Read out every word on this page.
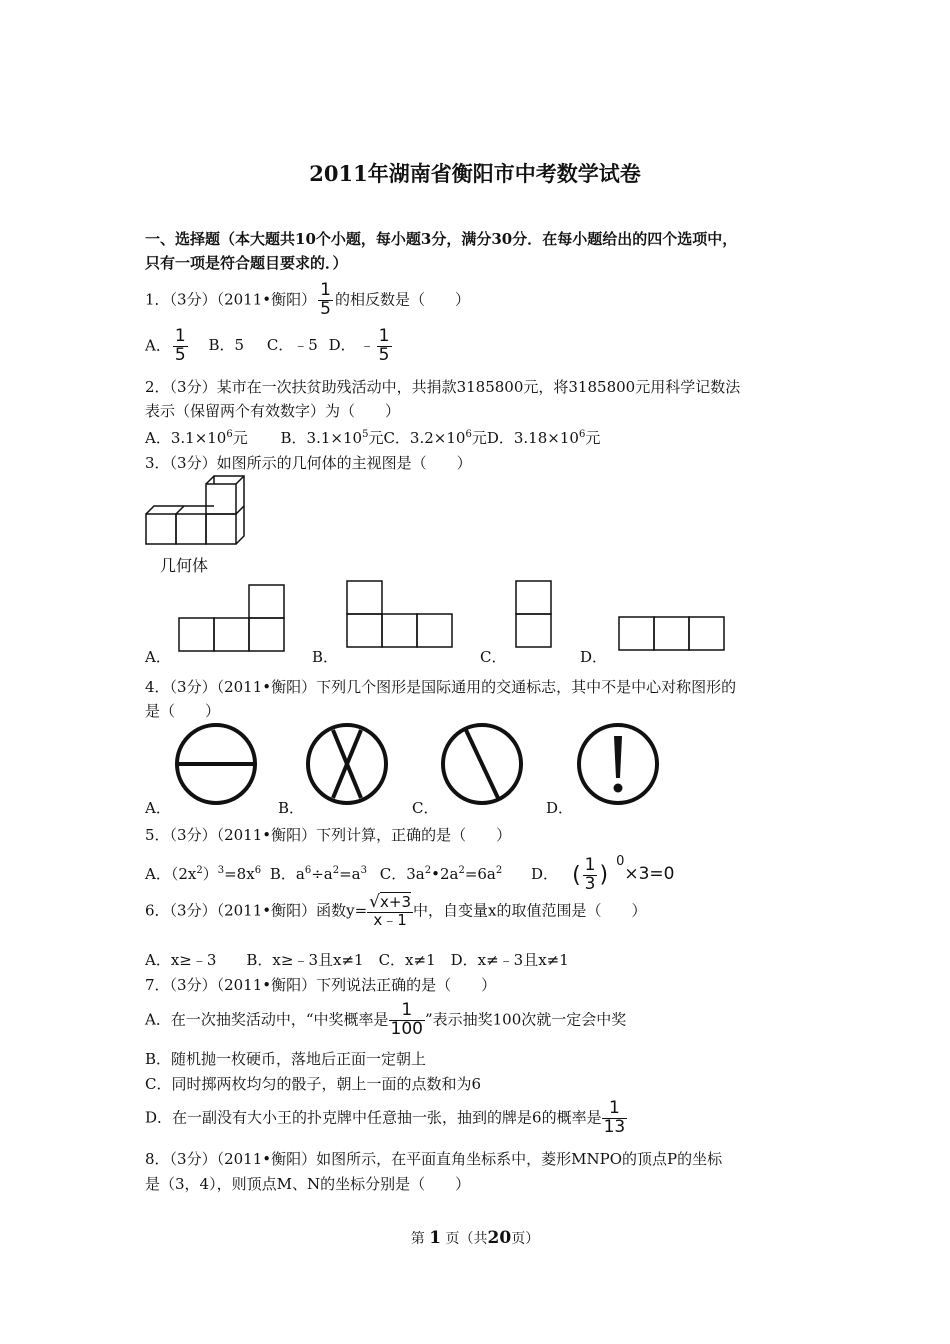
2011年湖南省衡阳市中考数学试卷
一、选择题（本大题共10个小题，每小题3分，满分30分．在每小题给出的四个选项中，
只有一项是符合题目要求的．）
1．（3分）（2011•衡阳） $\frac{1}{5}$ 的相反数是（　　）
A． $\frac{1}{5}$ B．5 C．﹣5 D． ﹣ $\frac{1}{5}$
2．（3分）某市在一次扶贫助残活动中，共捐款3185800元，将3185800元用科学记数法
表示（保留两个有效数字）为（　　）
A．$3.1\times 10^6$元 B．$3.1\times 10^5$元C．$3.2\times 10^6$元D．$3.18\times 10^6$元
3．（3分）如图所示的几何体的主视图是（　　）
几何体
A．	B．	C．	D．
4．（3分）（2011•衡阳）下列几个图形是国际通用的交通标志，其中不是中心对称图形的
是（　　）
A．	B．	C．	D．
5．（3分）（2011•衡阳）下列计算，正确的是（　　）
A．$(2x^2)^3=8x^6$ B．$a^6\div a^2=a^3$ C．$3a^2•2a^2=6a^2$ D． ( $\frac{1}{3} )^0\times 3=0$
6．（3分）（2011•衡阳）函数$y= \frac{√x+3}{x﹣1}$ 中，自变量x的取值范围是（　　）
A．x≥﹣3　　B．x≥﹣3且x≠1　C．x≠1　D．x≠﹣3且x≠1
7．（3分）（2011•衡阳）下列说法正确的是（　　）
A．在一次抽奖活动中，“中奖概率是 $\frac{1}{100}$ ”表示抽奖100次就一定会中奖
B．随机抛一枚硬币，落地后正面一定朝上
C．同时掷两枚均匀的骰子，朝上一面的点数和为6
D．在一副没有大小王的扑克牌中任意抽一张，抽到的牌是6的概率是 $\frac{1}{13}$
8．（3分）（2011•衡阳）如图所示，在平面直角坐标系中，菱形MNPO的顶点P的坐标
是（3，4），则顶点M、N的坐标分别是（　　）
第 1 页（共20页）
